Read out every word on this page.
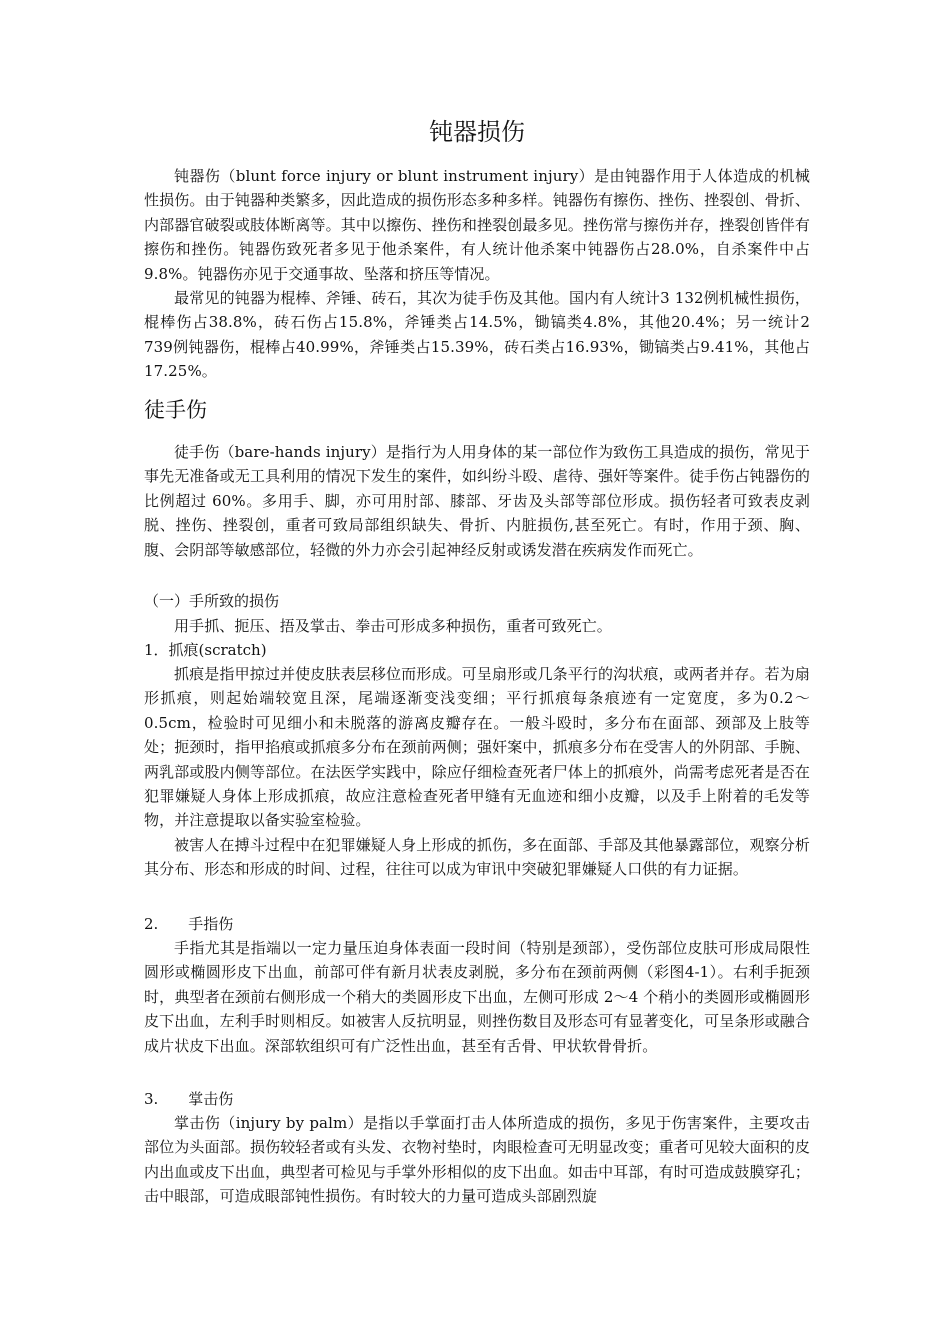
钝器损伤

钝器伤（blunt force injury or blunt instrument injury）是由钝器作用于人体造成的机械性损伤。由于钝器种类繁多，因此造成的损伤形态多种多样。钝器伤有擦伤、挫伤、挫裂创、骨折、内部器官破裂或肢体断离等。其中以擦伤、挫伤和挫裂创最多见。挫伤常与擦伤并存，挫裂创皆伴有擦伤和挫伤。钝器伤致死者多见于他杀案件，有人统计他杀案中钝器伤占28.0%，自杀案件中占9.8%。钝器伤亦见于交通事故、坠落和挤压等情况。

最常见的钝器为棍棒、斧锤、砖石，其次为徒手伤及其他。国内有人统计3 132例机械性损伤，棍棒伤占38.8%，砖石伤占15.8%，斧锤类占14.5%，锄镐类4.8%，其他20.4%；另一统计2 739例钝器伤，棍棒占40.99%，斧锤类占15.39%，砖石类占16.93%，锄镐类占9.41%，其他占17.25%。

徒手伤

徒手伤（bare-hands injury）是指行为人用身体的某一部位作为致伤工具造成的损伤，常见于事先无准备或无工具利用的情况下发生的案件，如纠纷斗殴、虐待、强奸等案件。徒手伤占钝器伤的比例超过 60%。多用手、脚，亦可用肘部、膝部、牙齿及头部等部位形成。损伤轻者可致表皮剥脱、挫伤、挫裂创，重者可致局部组织缺失、骨折、内脏损伤,甚至死亡。有时，作用于颈、胸、腹、会阴部等敏感部位，轻微的外力亦会引起神经反射或诱发潜在疾病发作而死亡。

（一）手所致的损伤

用手抓、扼压、捂及掌击、拳击可形成多种损伤，重者可致死亡。

1．抓痕(scratch)

抓痕是指甲掠过并使皮肤表层移位而形成。可呈扇形或几条平行的沟状痕，或两者并存。若为扇形抓痕，则起始端较宽且深，尾端逐渐变浅变细；平行抓痕每条痕迹有一定宽度，多为0.2～0.5cm，检验时可见细小和未脱落的游离皮瓣存在。一般斗殴时，多分布在面部、颈部及上肢等处；扼颈时，指甲掐痕或抓痕多分布在颈前两侧；强奸案中，抓痕多分布在受害人的外阴部、手腕、两乳部或股内侧等部位。在法医学实践中，除应仔细检查死者尸体上的抓痕外，尚需考虑死者是否在犯罪嫌疑人身体上形成抓痕，故应注意检查死者甲缝有无血迹和细小皮瓣，以及手上附着的毛发等物，并注意提取以备实验室检验。

被害人在搏斗过程中在犯罪嫌疑人身上形成的抓伤，多在面部、手部及其他暴露部位，观察分析其分布、形态和形成的时间、过程，往往可以成为审讯中突破犯罪嫌疑人口供的有力证据。

2.　　手指伤

手指尤其是指端以一定力量压迫身体表面一段时间（特别是颈部），受伤部位皮肤可形成局限性圆形或椭圆形皮下出血，前部可伴有新月状表皮剥脱，多分布在颈前两侧（彩图4-1）。右利手扼颈时，典型者在颈前右侧形成一个稍大的类圆形皮下出血，左侧可形成 2～4 个稍小的类圆形或椭圆形皮下出血，左利手时则相反。如被害人反抗明显，则挫伤数目及形态可有显著变化，可呈条形或融合成片状皮下出血。深部软组织可有广泛性出血，甚至有舌骨、甲状软骨骨折。

3.　　掌击伤

掌击伤（injury by palm）是指以手掌面打击人体所造成的损伤，多见于伤害案件，主要攻击部位为头面部。损伤较轻者或有头发、衣物衬垫时，肉眼检查可无明显改变；重者可见较大面积的皮内出血或皮下出血，典型者可检见与手掌外形相似的皮下出血。如击中耳部，有时可造成鼓膜穿孔；击中眼部，可造成眼部钝性损伤。有时较大的力量可造成头部剧烈旋
